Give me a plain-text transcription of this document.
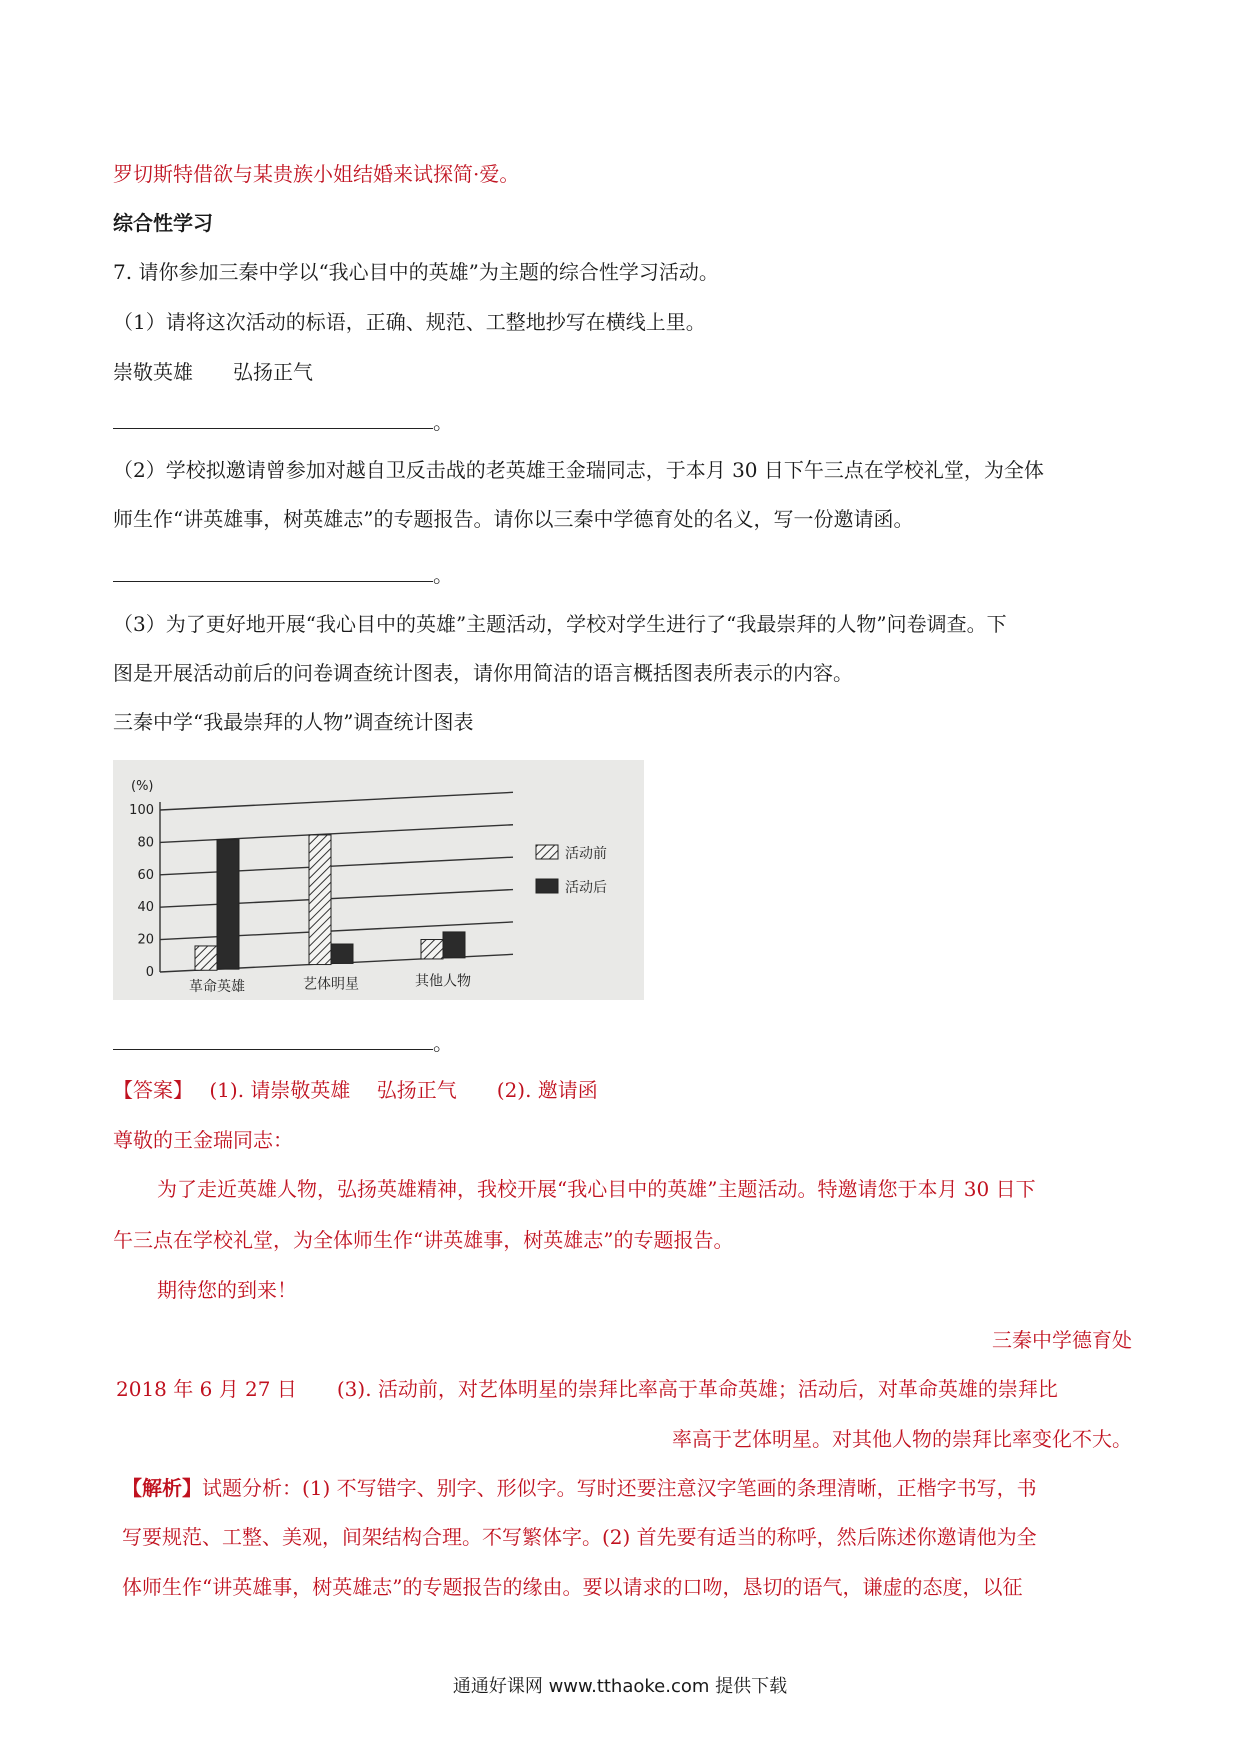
罗切斯特借欲与某贵族小姐结婚来试探简·爱。
综合性学习
7. 请你参加三秦中学以“我心目中的英雄”为主题的综合性学习活动。
（1）请将这次活动的标语，正确、规范、工整地抄写在横线上里。
崇敬英雄　　弘扬正气
。
（2）学校拟邀请曾参加对越自卫反击战的老英雄王金瑞同志，于本月 30 日下午三点在学校礼堂，为全体
师生作“讲英雄事，树英雄志”的专题报告。请你以三秦中学德育处的名义，写一份邀请函。
。
（3）为了更好地开展“我心目中的英雄”主题活动，学校对学生进行了“我最崇拜的人物”问卷调查。下
图是开展活动前后的问卷调查统计图表，请你用简洁的语言概括图表所表示的内容。
三秦中学“我最崇拜的人物”调查统计图表
(%)
0
20
40
60
80
100
革命英雄	艺体明星	其他人物
活动前
活动后
。
【答案】　 (1). 请崇敬英雄　 弘扬正气　　(2). 邀请函
尊敬的王金瑞同志：
为了走近英雄人物，弘扬英雄精神，我校开展“我心目中的英雄”主题活动。特邀请您于本月 30 日下
午三点在学校礼堂，为全体师生作“讲英雄事，树英雄志”的专题报告。
期待您的到来！
三秦中学德育处
2018 年 6 月 27 日　　(3). 活动前，对艺体明星的崇拜比率高于革命英雄；活动后，对革命英雄的崇拜比
率高于艺体明星。对其他人物的崇拜比率变化不大。
【解析】试题分析：(1) 不写错字、别字、形似字。写时还要注意汉字笔画的条理清晰，正楷字书写，书
写要规范、工整、美观，间架结构合理。不写繁体字。(2) 首先要有适当的称呼，然后陈述你邀请他为全
体师生作“讲英雄事，树英雄志”的专题报告的缘由。要以请求的口吻，恳切的语气，谦虚的态度，以征
通通好课网 www.tthaoke.com 提供下载
